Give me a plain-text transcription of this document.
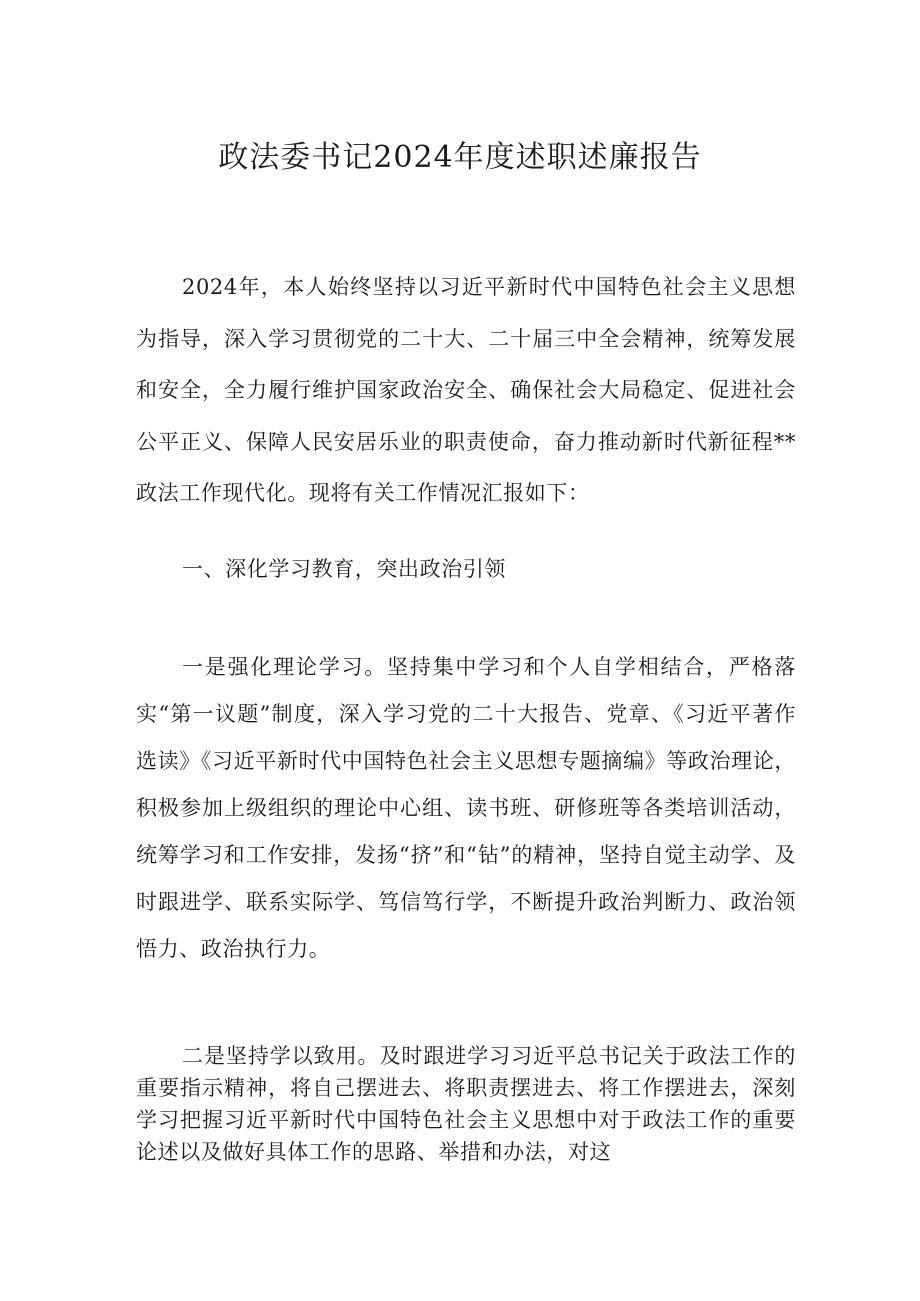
政法委书记2024年度述职述廉报告

2024年，本人始终坚持以习近平新时代中国特色社会主义思想为指导，深入学习贯彻党的二十大、二十届三中全会精神，统筹发展和安全，全力履行维护国家政治安全、确保社会大局稳定、促进社会公平正义、保障人民安居乐业的职责使命，奋力推动新时代新征程**政法工作现代化。现将有关工作情况汇报如下：

一、深化学习教育，突出政治引领

一是强化理论学习。坚持集中学习和个人自学相结合，严格落实“第一议题”制度，深入学习党的二十大报告、党章、《习近平著作选读》《习近平新时代中国特色社会主义思想专题摘编》等政治理论，积极参加上级组织的理论中心组、读书班、研修班等各类培训活动，统筹学习和工作安排，发扬“挤”和“钻”的精神，坚持自觉主动学、及时跟进学、联系实际学、笃信笃行学，不断提升政治判断力、政治领悟力、政治执行力。

二是坚持学以致用。及时跟进学习习近平总书记关于政法工作的重要指示精神，将自己摆进去、将职责摆进去、将工作摆进去，深刻学习把握习近平新时代中国特色社会主义思想中对于政法工作的重要论述以及做好具体工作的思路、举措和办法，对这
